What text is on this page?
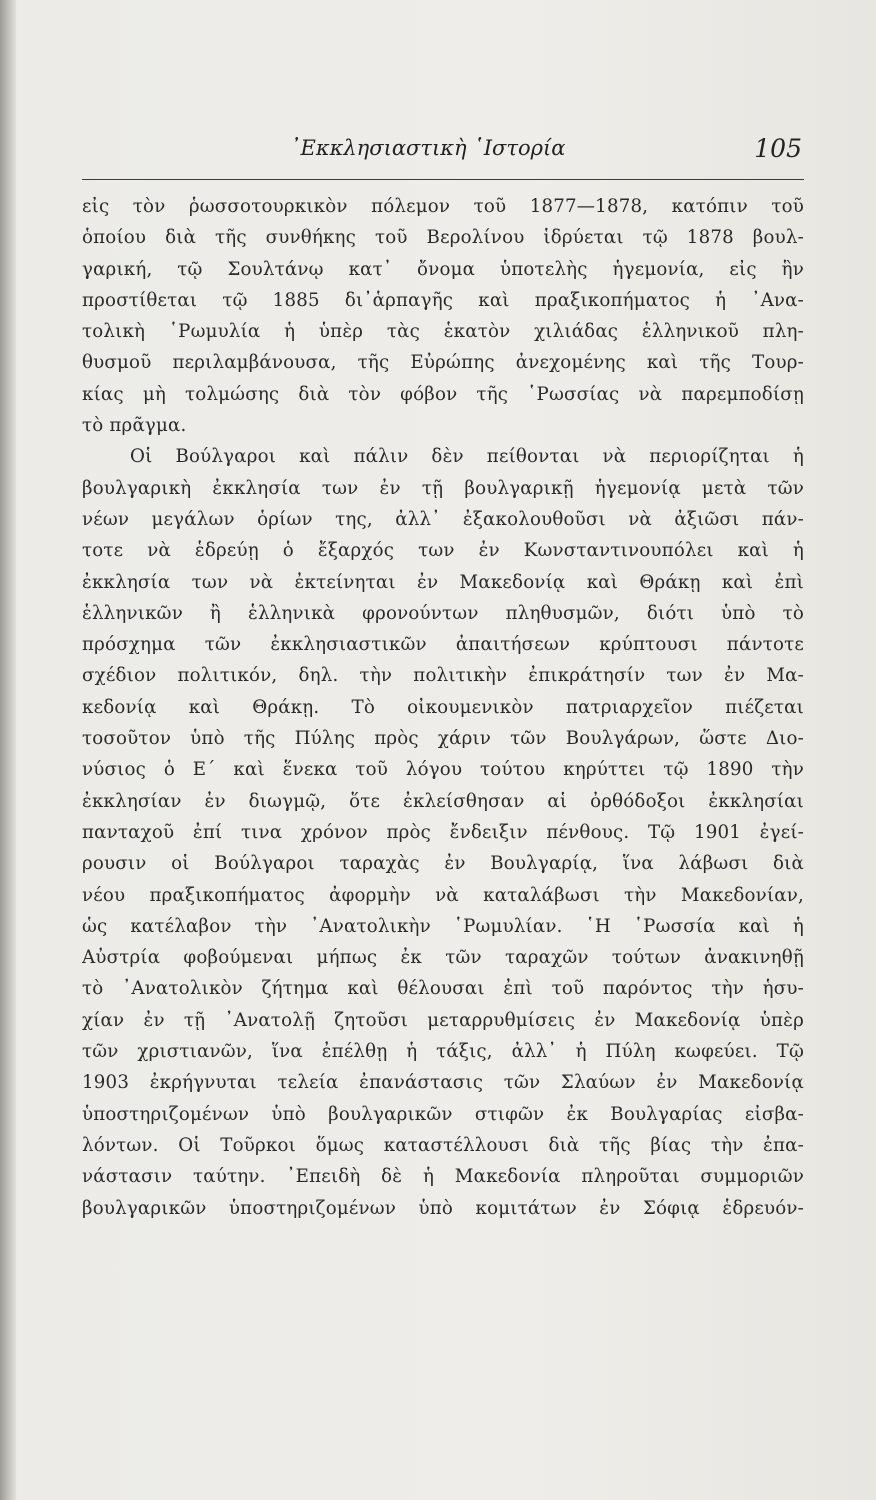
᾿Εκκλησιαστικὴ ῾Ιστορία	105
εἰς τὸν ῥωσσοτουρκικὸν πόλεμον τοῦ 1877—1878, κατόπιν τοῦ
ὁποίου διὰ τῆς συνθήκης τοῦ Βερολίνου ἱδρύεται τῷ 1878 βουλ-
γαρική, τῷ Σουλτάνῳ κατ᾿ ὄνομα ὑποτελὴς ἡγεμονία, εἰς ἣν
προστίθεται τῷ 1885 δι᾿ἁρπαγῆς καὶ πραξικοπήματος ἡ ᾿Ανα-
τολικὴ ῾Ρωμυλία ἡ ὑπὲρ τὰς ἑκατὸν χιλιάδας ἑλληνικοῦ πλη-
θυσμοῦ περιλαμβάνουσα, τῆς Εὐρώπης ἀνεχομένης καὶ τῆς Τουρ-
κίας μὴ τολμώσης διὰ τὸν φόβον τῆς ῾Ρωσσίας νὰ παρεμποδίσῃ
τὸ πρᾶγμα.
Οἱ Βούλγαροι καὶ πάλιν δὲν πείθονται νὰ περιορίζηται ἡ
βουλγαρικὴ ἐκκλησία των ἐν τῇ βουλγαρικῇ ἡγεμονίᾳ μετὰ τῶν
νέων μεγάλων ὁρίων της, ἀλλ᾿ ἐξακολουθοῦσι νὰ ἀξιῶσι πάν-
τοτε νὰ ἑδρεύῃ ὁ ἔξαρχός των ἐν Κωνσταντινουπόλει καὶ ἡ
ἐκκλησία των νὰ ἐκτείνηται ἐν Μακεδονίᾳ καὶ Θράκῃ καὶ ἐπὶ
ἑλληνικῶν ἢ ἑλληνικὰ φρονούντων πληθυσμῶν, διότι ὑπὸ τὸ
πρόσχημα τῶν ἐκκλησιαστικῶν ἀπαιτήσεων κρύπτουσι πάντοτε
σχέδιον πολιτικόν, δηλ. τὴν πολιτικὴν ἐπικράτησίν των ἐν Μα-
κεδονίᾳ καὶ Θράκῃ. Τὸ οἰκουμενικὸν πατριαρχεῖον πιέζεται
τοσοῦτον ὑπὸ τῆς Πύλης πρὸς χάριν τῶν Βουλγάρων, ὥστε Διο-
νύσιος ὁ Ε΄ καὶ ἕνεκα τοῦ λόγου τούτου κηρύττει τῷ 1890 τὴν
ἐκκλησίαν ἐν διωγμῷ, ὅτε ἐκλείσθησαν αἱ ὀρθόδοξοι ἐκκλησίαι
πανταχοῦ ἐπί τινα χρόνον πρὸς ἔνδειξιν πένθους. Τῷ 1901 ἐγεί-
ρουσιν οἱ Βούλγαροι ταραχὰς ἐν Βουλγαρίᾳ, ἵνα λάβωσι διὰ
νέου πραξικοπήματος ἀφορμὴν νὰ καταλάβωσι τὴν Μακεδονίαν,
ὡς κατέλαβον τὴν ᾿Ανατολικὴν ῾Ρωμυλίαν. ῾Η ῾Ρωσσία καὶ ἡ
Αὐστρία φοβούμεναι μήπως ἐκ τῶν ταραχῶν τούτων ἀνακινηθῇ
τὸ ᾿Ανατολικὸν ζήτημα καὶ θέλουσαι ἐπὶ τοῦ παρόντος τὴν ἡσυ-
χίαν ἐν τῇ ᾿Ανατολῇ ζητοῦσι μεταρρυθμίσεις ἐν Μακεδονίᾳ ὑπὲρ
τῶν χριστιανῶν, ἵνα ἐπέλθῃ ἡ τάξις, ἀλλ᾿ ἡ Πύλη κωφεύει. Τῷ
1903 ἐκρήγνυται τελεία ἐπανάστασις τῶν Σλαύων ἐν Μακεδονίᾳ
ὑποστηριζομένων ὑπὸ βουλγαρικῶν στιφῶν ἐκ Βουλγαρίας εἰσβα-
λόντων. Οἱ Τοῦρκοι ὅμως καταστέλλουσι διὰ τῆς βίας τὴν ἐπα-
νάστασιν ταύτην. ᾿Επειδὴ δὲ ἡ Μακεδονία πληροῦται συμμοριῶν
βουλγαρικῶν ὑποστηριζομένων ὑπὸ κομιτάτων ἐν Σόφιᾳ ἑδρευόν-
